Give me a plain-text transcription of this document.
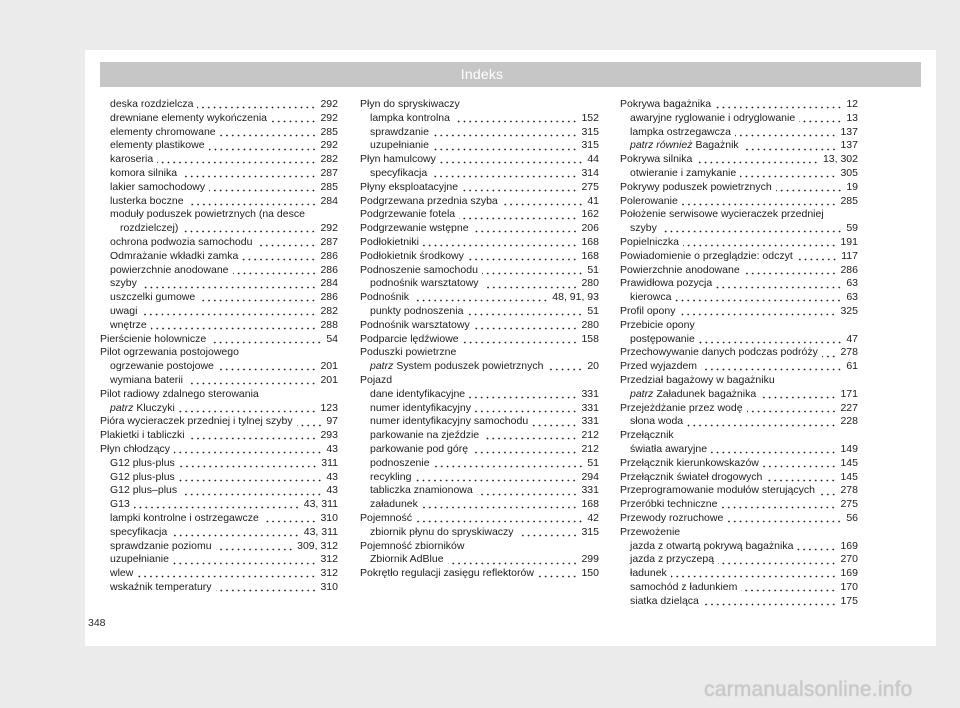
Indeks
deska rozdzielcza	292
drewniane elementy wykończenia	292
elementy chromowane	285
elementy plastikowe	292
karoseria	282
komora silnika	287
lakier samochodowy	285
lusterka boczne	284
moduły poduszek powietrznych (na desce
rozdzielczej)	292
ochrona podwozia samochodu	287
Odmrażanie wkładki zamka	286
powierzchnie anodowane	286
szyby	284
uszczelki gumowe	286
uwagi	282
wnętrze	288
Pierścienie holownicze	54
Pilot ogrzewania postojowego
ogrzewanie postojowe	201
wymiana baterii	201
Pilot radiowy zdalnego sterowania
patrz Kluczyki	123
Pióra wycieraczek przedniej i tylnej szyby	97
Plakietki i tabliczki	293
Płyn chłodzący	43
G12 plus-plus	311
G12 plus-plus	43
G12 plus–plus	43
G13	43, 311
lampki kontrolne i ostrzegawcze	310
specyfikacja	43, 311
sprawdzanie poziomu	309, 312
uzupełnianie	312
wlew	312
wskaźnik temperatury	310
Płyn do spryskiwaczy
lampka kontrolna	152
sprawdzanie	315
uzupełnianie	315
Płyn hamulcowy	44
specyfikacja	314
Płyny eksploatacyjne	275
Podgrzewana przednia szyba	41
Podgrzewanie fotela	162
Podgrzewanie wstępne	206
Podłokietniki	168
Podłokietnik środkowy	168
Podnoszenie samochodu	51
podnośnik warsztatowy	280
Podnośnik	48, 91, 93
punkty podnoszenia	51
Podnośnik warsztatowy	280
Podparcie lędźwiowe	158
Poduszki powietrzne
patrz System poduszek powietrznych	20
Pojazd
dane identyfikacyjne	331
numer identyfikacyjny	331
numer identyfikacyjny samochodu	331
parkowanie na zjeździe	212
parkowanie pod górę	212
podnoszenie	51
recykling	294
tabliczka znamionowa	331
załadunek	168
Pojemność	42
zbiornik płynu do spryskiwaczy	315
Pojemność zbiorników
Zbiornik AdBlue	299
Pokrętło regulacji zasięgu reflektorów	150
Pokrywa bagażnika	12
awaryjne ryglowanie i odryglowanie	13
lampka ostrzegawcza	137
patrz również Bagażnik	137
Pokrywa silnika	13, 302
otwieranie i zamykanie	305
Pokrywy poduszek powietrznych	19
Polerowanie	285
Położenie serwisowe wycieraczek przedniej
szyby	59
Popielniczka	191
Powiadomienie o przeglądzie: odczyt	117
Powierzchnie anodowane	286
Prawidłowa pozycja	63
kierowca	63
Profil opony	325
Przebicie opony
postępowanie	47
Przechowywanie danych podczas podróży 278
Przed wyjazdem	61
Przedział bagażowy w bagażniku
patrz Załadunek bagażnika	171
Przejeżdżanie przez wodę	227
słona woda	228
Przełącznik
światła awaryjne	149
Przełącznik kierunkowskazów	145
Przełącznik świateł drogowych	145
Przeprogramowanie modułów sterujących 278
Przeróbki techniczne	275
Przewody rozruchowe	56
Przewożenie
jazda z otwartą pokrywą bagażnika	169
jazda z przyczepą	270
ładunek	169
samochód z ładunkiem	170
siatka dzieląca	175
348
carmanualsonline.info
